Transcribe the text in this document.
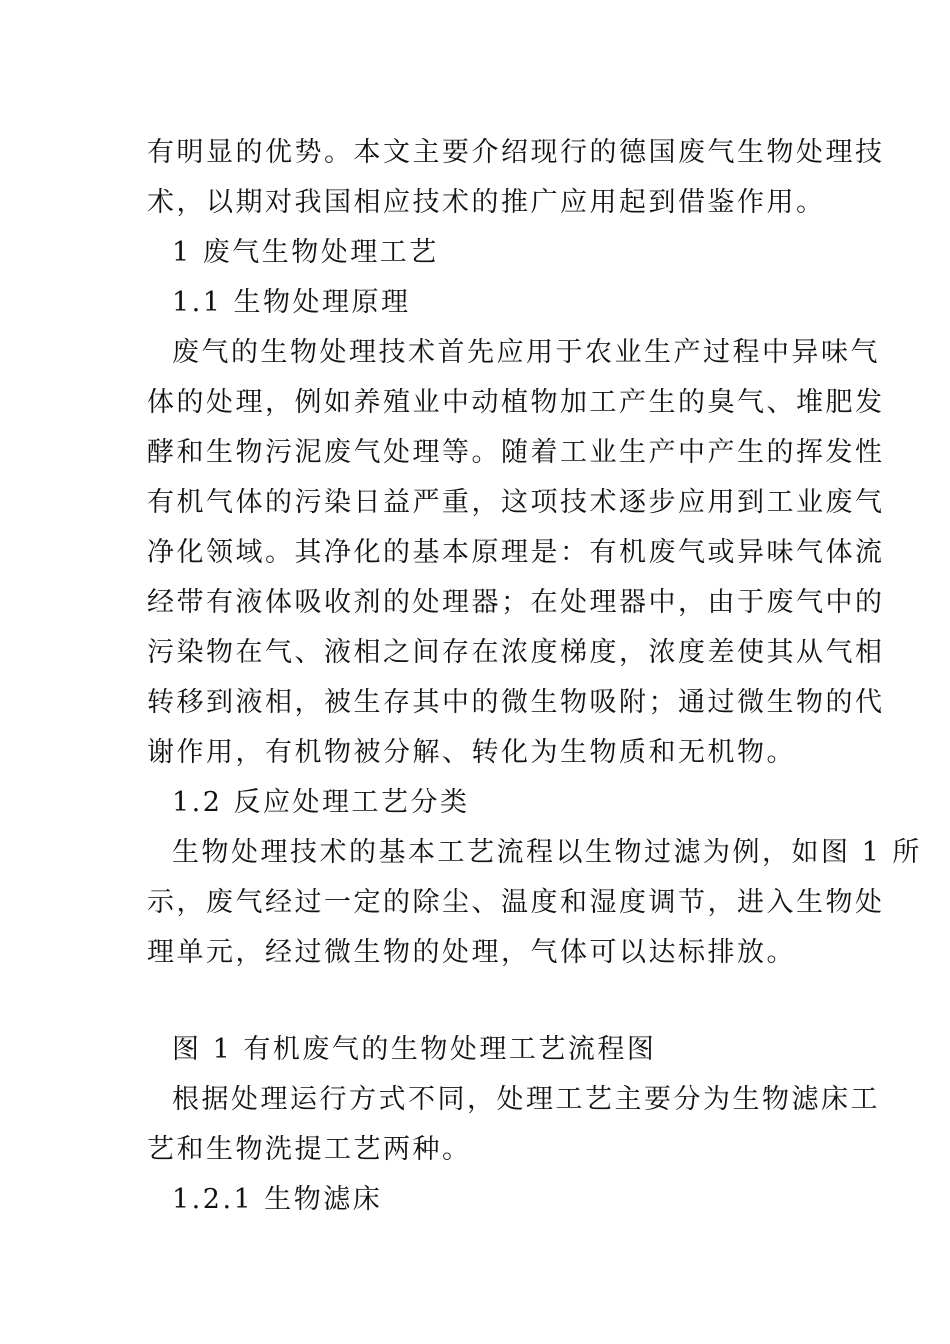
有明显的优势。本文主要介绍现行的德国废气生物处理技
术，以期对我国相应技术的推广应用起到借鉴作用。
1 废气生物处理工艺
1.1 生物处理原理
废气的生物处理技术首先应用于农业生产过程中异味气
体的处理，例如养殖业中动植物加工产生的臭气、堆肥发
酵和生物污泥废气处理等。随着工业生产中产生的挥发性
有机气体的污染日益严重，这项技术逐步应用到工业废气
净化领域。其净化的基本原理是：有机废气或异味气体流
经带有液体吸收剂的处理器；在处理器中，由于废气中的
污染物在气、液相之间存在浓度梯度，浓度差使其从气相
转移到液相，被生存其中的微生物吸附；通过微生物的代
谢作用，有机物被分解、转化为生物质和无机物。
1.2 反应处理工艺分类
生物处理技术的基本工艺流程以生物过滤为例，如图 1 所
示，废气经过一定的除尘、温度和湿度调节，进入生物处
理单元，经过微生物的处理，气体可以达标排放。
图 1 有机废气的生物处理工艺流程图
根据处理运行方式不同，处理工艺主要分为生物滤床工
艺和生物洗提工艺两种。
1.2.1 生物滤床
